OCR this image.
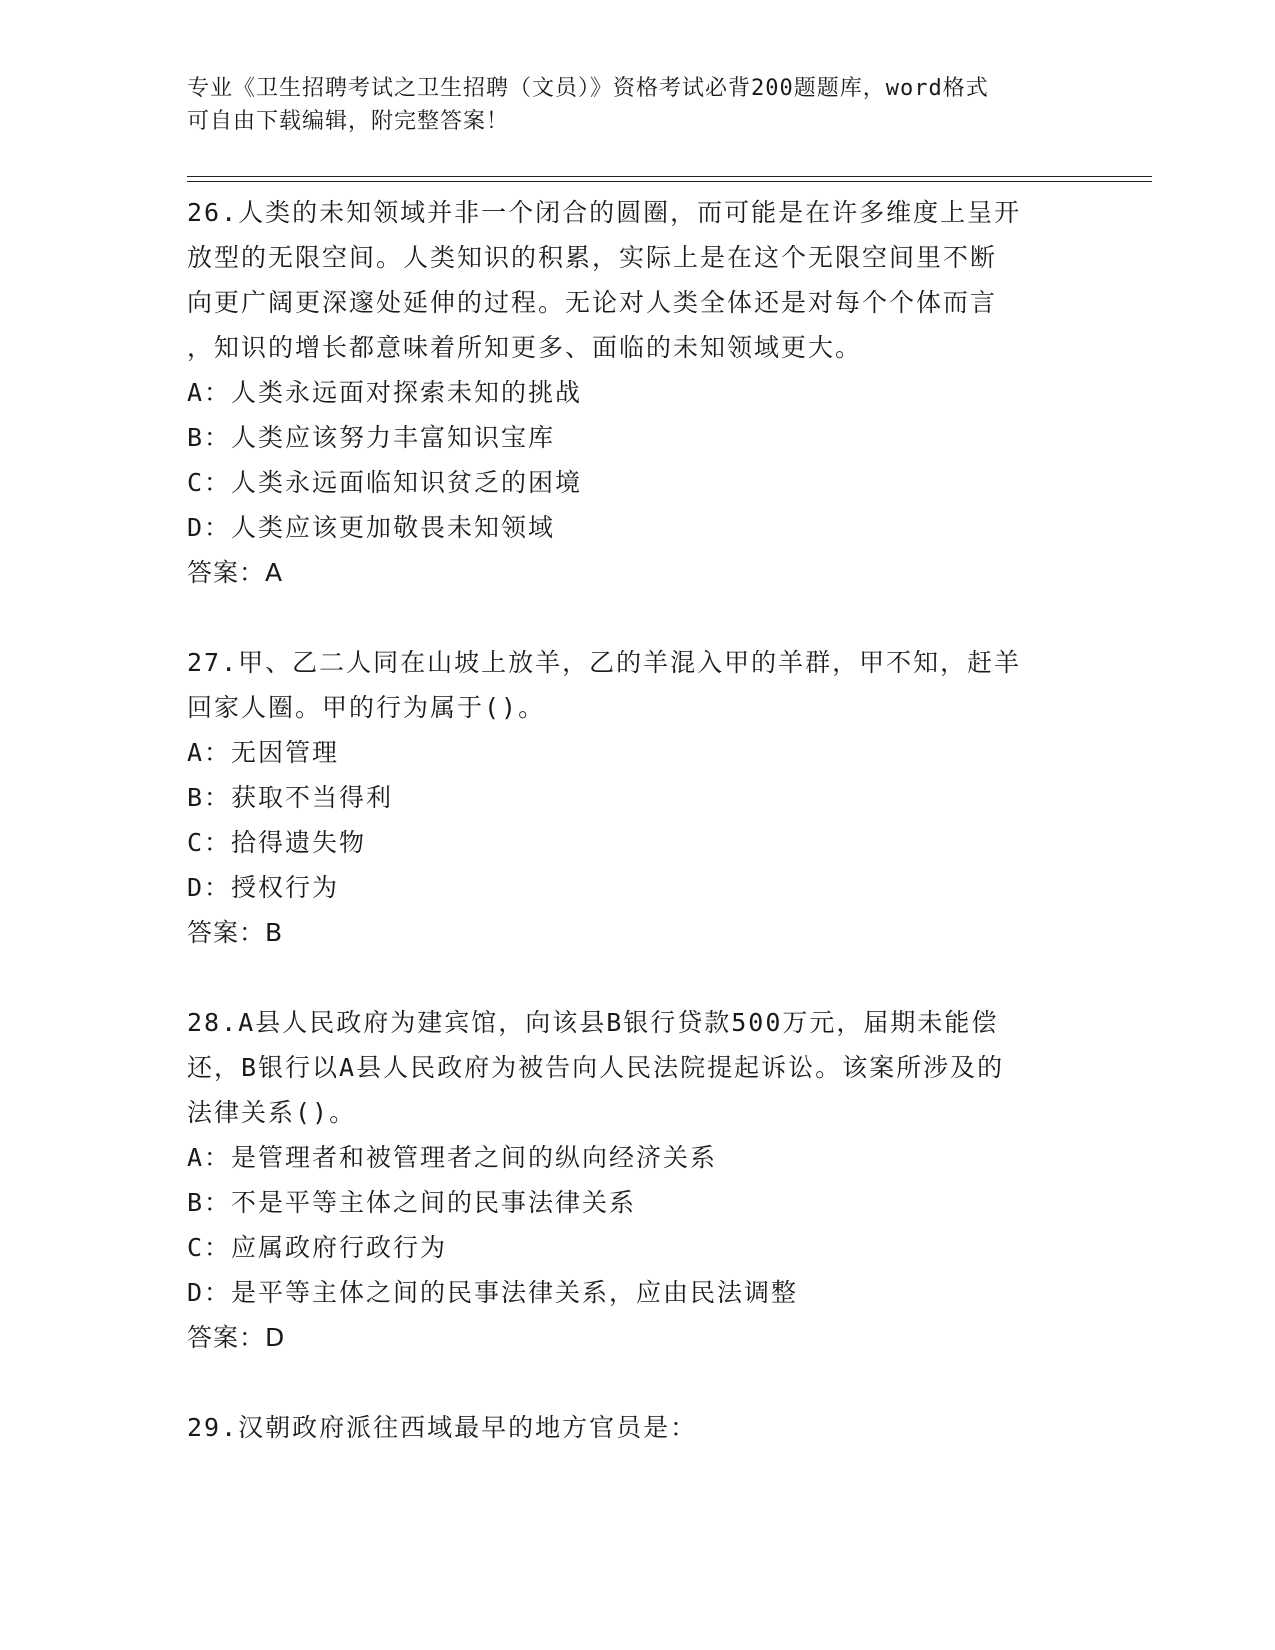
专业《卫生招聘考试之卫生招聘（文员）》资格考试必背200题题库，word格式
可自由下载编辑，附完整答案！
26.人类的未知领域并非一个闭合的圆圈，而可能是在许多维度上呈开
放型的无限空间。人类知识的积累，实际上是在这个无限空间里不断
向更广阔更深邃处延伸的过程。无论对人类全体还是对每个个体而言
，知识的增长都意味着所知更多、面临的未知领域更大。
A：人类永远面对探索未知的挑战
B：人类应该努力丰富知识宝库
C：人类永远面临知识贫乏的困境
D：人类应该更加敬畏未知领域
答案：A
27.甲、乙二人同在山坡上放羊，乙的羊混入甲的羊群，甲不知，赶羊
回家人圈。甲的行为属于()。
A：无因管理
B：获取不当得利
C：拾得遗失物
D：授权行为
答案：B
28.A县人民政府为建宾馆，向该县B银行贷款500万元，届期未能偿
还，B银行以A县人民政府为被告向人民法院提起诉讼。该案所涉及的
法律关系()。
A：是管理者和被管理者之间的纵向经济关系
B：不是平等主体之间的民事法律关系
C：应属政府行政行为
D：是平等主体之间的民事法律关系，应由民法调整
答案：D
29.汉朝政府派往西域最早的地方官员是：
